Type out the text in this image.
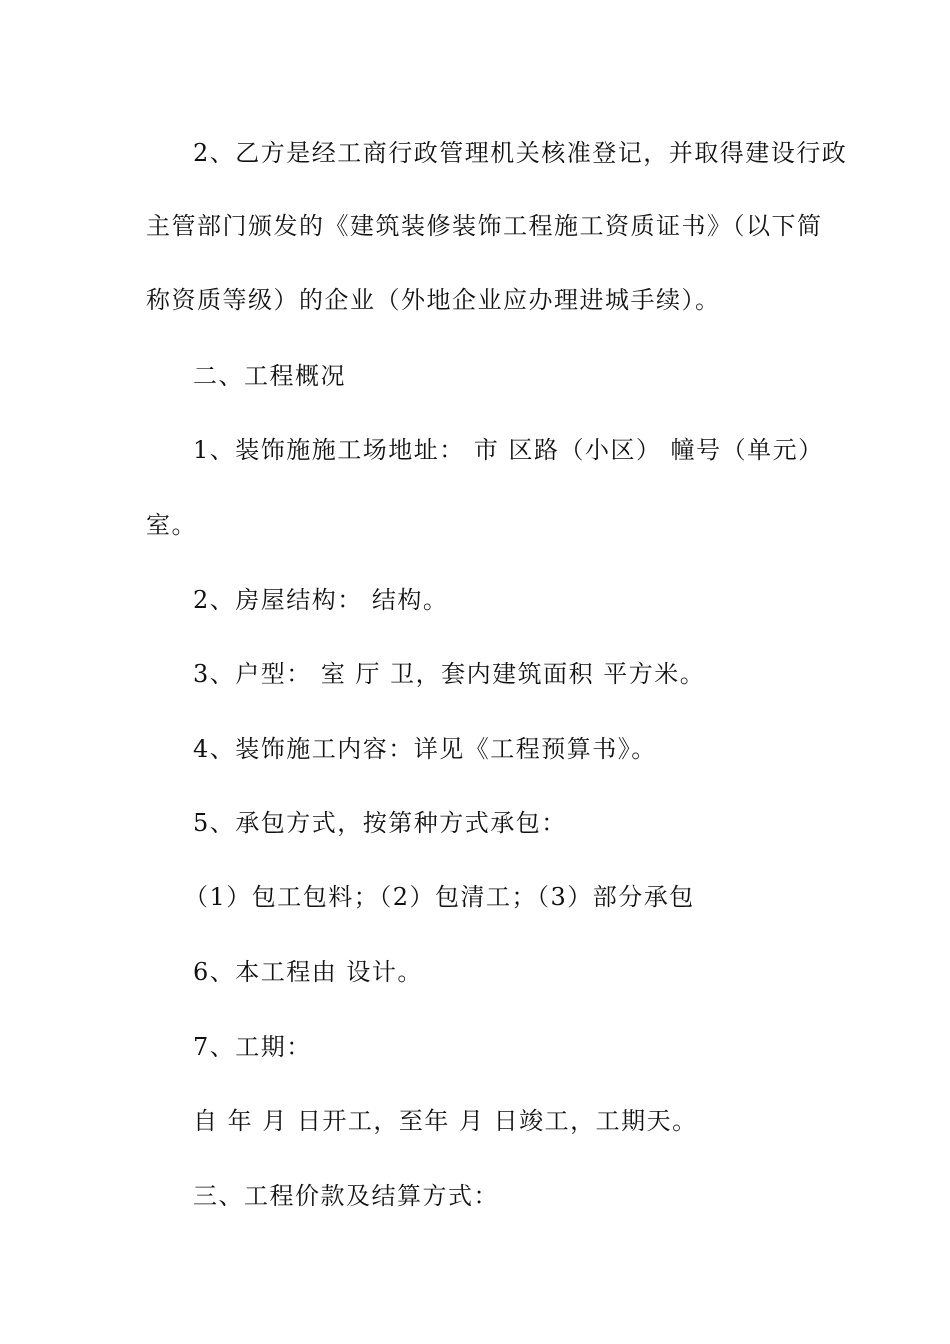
2、乙方是经工商行政管理机关核准登记，并取得建设行政
主管部门颁发的《建筑装修装饰工程施工资质证书》（以下简
称资质等级）的企业（外地企业应办理进城手续）。
二、工程概况
1、装饰施施工场地址： 市 区路（小区） 幢号（单元）
室。
2、房屋结构： 结构。
3、户型： 室 厅 卫，套内建筑面积 平方米。
4、装饰施工内容：详见《工程预算书》。
5、承包方式，按第种方式承包：
（1）包工包料；（2）包清工；（3）部分承包
6、本工程由 设计。
7、工期：
自 年 月 日开工，至年 月 日竣工，工期天。
三、工程价款及结算方式：
